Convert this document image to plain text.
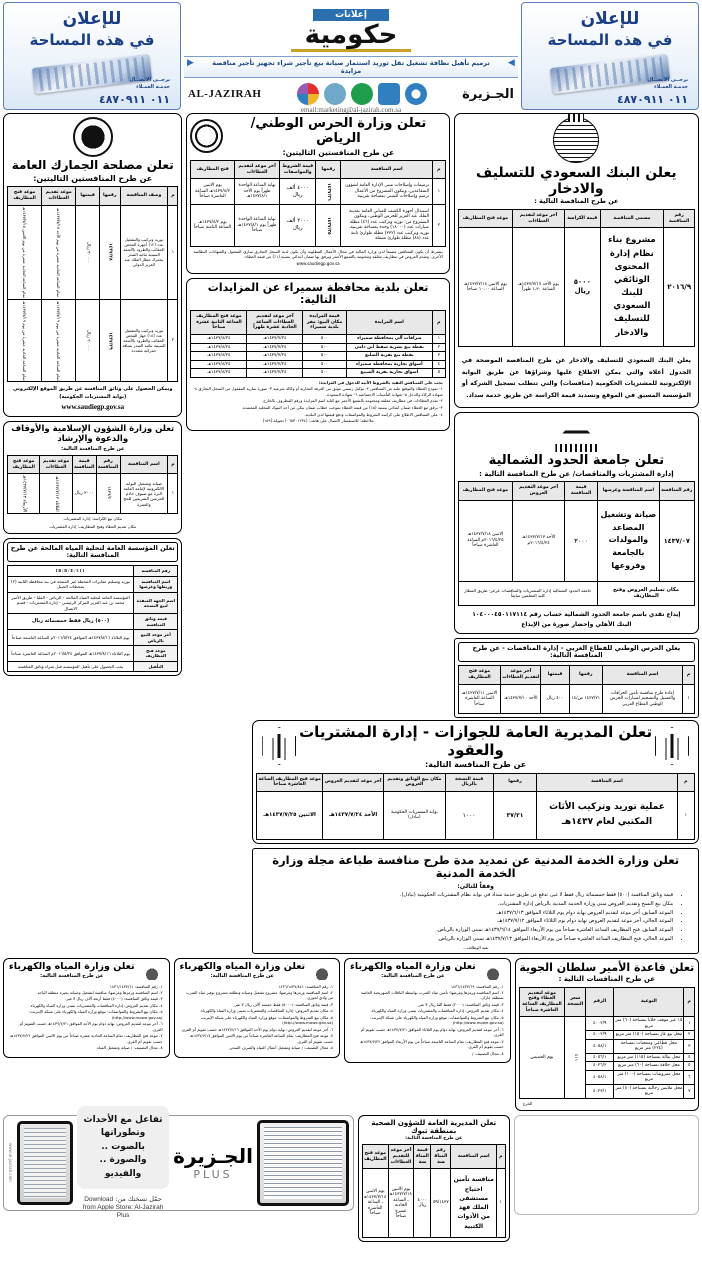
للإعلان
في هذه المساحة
يرجــى الاتصــال
خدمـة العمـلاء
٠١١ ٤٨٧٠٩١١
إعلانات
حكومية
◀ ترميم تأهيل نظافة تشغيل نقل توريد استثمار صيانة بيع تأجير شراء تجهيز تأجير مناقصة مزايدة ▶
الجـزيرة
AL-JAZIRAH
email:marketing@al-jazirah.com.sa
للإعلان
في هذه المساحة
يرجــى الاتصــال
خدمـة العمـلاء
٠١١ ٤٨٧٠٩١١
يعلن البنك السعودي للتسليف والادخار
عن طرح المناقصة التالية :
رقم المناقصة	مسمى المناقصة	قيمة الكراسة	آخر موعد لتقديم العطاءات	موعد فتح المظاريف
٢٠١٦/٩	مشروع بناء نظام إدارة المحتوى الوثائقي للبنك السعودي للتسليف والادخار	٥٠٠٠ ريال	يوم الأحد ١٤٣٧/٧/١٧هـ الساعة ١،٣٠ ظهراً	يوم الاثنين ١٤٣٧/٧/١٨هـ الساعة ١٠،٠٠ صباحاً
يعلن البنك السعودي للتسليف والادخار عن طرح المناقصة الموضحة في الجدول أعلاه والتي يمكن الاطلاع عليها وشراؤها عن طريق البوابة الإلكترونية للمشتريات الحكومية (منافسات) والتي تتطلب تسجيل الشركة أو المؤسسة المسبق في الموقع وتسديد قيمة الكراسة عن طريق خدمة سداد.
تعلن جامعة الحدود الشمالية
إدارة المشتريات والمناقصات/ عن طرح المنافسة التالية :
رقم المنافسة	اسم المنافسة وغرضها	قيمة المنافسة	آخر موعد التقديم العروض	موعد فتح المظاريف
١٤٣٧/٠٧	صيانة وتشغيل المصاعد والمولدات بالجامعة وفروعها	٣٠٠٠	الأحد ١٤٣٧/٧/١٧هـ ٢٠١٦/٤/٢٤م	الاثنين ١٤٣٧/٧/١٨هـ ٢٠١٦/٤/٢٥م الساعة العاشرة صباحاً
مكان تسليم العروض وفتح المظاريف		جامعة الحدود الشمالية إدارة المشتريات والمناقصات عرعر- طريق المطار كلية المعلمين سابقاً		
إيداع نقدي باسم جامعة الحدود الشمالية حساب رقم ١٠٤٠٠٠٤٥٠١١٧١١٤
البنك الأهلي وإحضار صورة من الإيداع
يعلن الحرس الوطني للقطاع الغربي - إدارة المناقصات - عن طرح المنافسة التالية:
م	اسم المنافسة	رقمها	قيمتها	آخر موعد لتقديم العطاءات	موعد فتح المظاريف
١	إعادة طرح منافسة تأمين الحرافات والغسيل والتشحيم لسيارات الحرس الوطني القطاع الغربي	١٤٣٧/٢١ ص/١٤	٤٠٠ ريال	الأحد ١٤٣٧/٧/١٠هـ	الاثنين ١٤٣٧/٧/١١هـ الساعة العاشرة صباحاً
تعلن وزارة الحرس الوطني/ الرياض
عن طرح المنافستين التاليتين:
م	اسم المنافسة	رقمها	قيمة الشروط والمواصفات	آخر موعد لتقديم العطاءات	فتح المظاريف
١	ترميمات وإصلاحات مبنى الإدارة العامة لشؤون المتقاعدين، ويتكون المشروع من الأعمال ترميم وإصلاحات للمبنى بمساحة تقريبية	١٤٣٧/٣٦	٤٠٠٠ ألف ريال	نهاية الساعة الواحدة ظهراً يوم الأحد ١٤٣٧/٨/١هـ	يوم الاثنين ١٤٣٧/٨/٢هـ الساعة العاشرة صباحاً
٢	استبدال أجهزة الكشف للمباني العامة بمدينة الملك عبد العزيز للحرس الوطني، ويتكون المشروع من: توريد وتركيب عدد (٤٦) مظلة سيارات عدد (١٨٠٠٠) وحدة بمساحة تقريبية، توريد وتركيب عدد (٢٣٢) مظلة طوارئ ثابتة عدد (٨٨) مظلة طوارئ متنقلة	١٤٣٧/٣٥	٢٠٠٠ ألف ريال	نهاية الساعة الواحدة ظهراً يوم ١٤٣٧/٨/١هـ صباحاً	يوم ١٤٣٧/٨/٢هـ الساعة الثامنة صباحاً

يشترط أن يكون المتنافس مصنفاً لدى وزارة المالية في مجال الأعمال المطلوبة وأن يكون لديه السجل التجاري ساري المفعول والشهادات النظامية الأخرى. وتقدم العروض في مظاريف مغلقة ومختومة بالشمع الأحمر ويرفق بها ضمان ابتدائي بنسبة (١٪) من قيمة العطاء.

www.saudiegp.gov.sa

تعلن بلدية محافظة سميراء عن المزايدات التالية:
م	اسم المزايدة	قيمة المزايدة مكان البيع: مقر بلدية سميراء	آخر موعد لتقديم العطاءات الساعة الحادية عشرة ظهراً	موعد فتح المظاريف الساعة الثانية عشرة صباحاً
١	صرافات آلي بمحافظة سميراء	٥٠٠	١٤٣٧/٧/٢٤هـ	١٤٣٧/٨/٢٤هـ
٢	نقطة بيع بشرية سقط ابن دامي	٥٠٠	١٤٣٧/٧/٢٤هـ	١٤٣٧/٨/٢٤هـ
٣	نقطة بيع بقرية الضليع	٥٠٠	١٤٣٧/٧/٢٤هـ	١٤٣٧/٨/٢٤هـ
٤	أسواق تجارية بمحافظة سميراء	٥٠٠	١٤٣٧/٧/٢٤هـ	١٤٣٧/٨/٢٤هـ
٥	أسواق تجارية بقرية الضبيع	٥٠٠	١٤٣٧/٧/٢٤هـ	١٤٣٧/٨/٢٤هـ

يجب على المتنافس التقيد بالشروط الآتية للدخول في المزايدة:

١- نموذج العطاء والتوقيع عليه من المتنافس ٢- توكيل رسمي موثق من الغرفة التجارية أو وكالة شرعية ٣- صورة سارية المفعول من السجل التجاري ٤- شهادة الزكاة والدخل ٥- شهادة التأمينات الاجتماعية ٦- شهادة السعودة.

٢- تقدم العطاءات في مظاريف مغلقة ومختومة بالشمع الأحمر مع كتابة اسم المزايدة ورقم المظروف بالخارج.

٣- يرفق مع العطاء ضمان ابتدائي بنسبة (٥٪) من قيمة العطاء بموجب خطاب ضمان بنكي من أحد البنوك المحلية المعتمدة.

٤- على المتنافس الاطلاع على كراسة الشروط والمواصفات ودفع قيمتها لدى البلدية.

ملاحظة: للاستفسار الاتصال على هاتف: (٠٦٥٣٠١٢٣٤) تحويلة (١٥٩)

تعلن مصلحة الجمارك العامة
عن طرح المنافستين التاليتين:
م	وصف المنافسة	رقمها	قيمتها	موعد تقديم العطاءات	موعد فتح المظاريف
١	توريد وتركيب والتشغيل عدد (١٢) أجهزة الفحص الحقائب والطرود بالأشعة السينية ثنائية الصدر بجمرك مطار الملك عبد العزيز الدولي	١٤٣٧/٢٨	٣٠٠٠٠ ريال	تمام الساعة الحادية عشرة من يوم الأحد ١٤٣٧/٧/١٧هـ	تمام الساعة الحادية عشرة من يوم الاثنين ١٤٣٧/٧/١٨هـ
٢	توريد وتركيب والتشغيل عدد (١٨) جهاز الفحص الحقائب والطرود بالأشعة السينية ثنائية الصدر بمنافذ جمركية متعددة	١٤٣٧/٢٩	٢٠٠٠٠ ريال	تمام الساعة الحادية عشرة من يوم ١٤٣٧/٧/١٩هـ	تمام الساعة الحادية عشرة من يوم ١٤٣٧/٧/١٩هـ
ويمكن الحصول على وثائق المنافسة عن طريق الموقع الإلكتروني (بوابة المشتريات الحكومية)
www.saudiegp.gov.sa
تعلن وزارة الشؤون الإسلامية والأوقاف والدعوة والإرشاد
عن طرح المنافسة التالية:
م	اسم المنافسة	رقم المنافسة	قيمة المنافسة	موعد تقديم العطاءات	موعد فتح المظاريف
١	صيانة وتشغيل البوابة الالكترونية لإمامة العامة البرة مع ضيوف خادم الحرمين الشريفين للحج والعمرة	١٤٣٧/٤٠	٣٠٠٠ ريال	الثلاثاء ١٤٣٧/٧/١٢هـ	الأربعاء ١٤٣٧/٧/١٣هـ
مكان بيع الكراسة: إدارة المشتريات
مكان تقديم العطاء وفتح المظاريف: إدارة المشتريات
تعلن المؤسسة العامة لتحلية المياه المالحة عن طرح المنافسة التالية:
رقم المنافسة	IB/R/E/311
اسم المنافسة وربطها وغرضها	توريد وتسليم معايرات المحطة غير المنتجة في بند محافظة الثانية (٢) بمحطات الجبيل
اسم الجهة المنفذة لبيع النسخة	المؤسسة العامة لتحلية المياه المالحة - الرياض - العليا - طريق الأمير محمد بن عبد العزيز المركز الرئيسي - إدارة المشتريات - قسم الاتصال
قيمة وثائق المنافسة	(٥٠٠) ريال فقط خمسمائة ريال
آخر موعد للبيع بالرياض	يوم الثلاثاء ١٤٣٧/٨/١٦هـ الموافق ٢٠١٦/٥/٢٤م الساعة التاسعة صباحاً
موعد فتح المظاريف	يوم الثلاثاء ١٤٣٧/٨/١٦هـ الموافق ٢٠١٦/٥/٢٤م الساعة العاشرة صباحاً
التأهيل	يجب الحصول على تأهيل المؤسسة قبل شراء وثائق المنافسة
تعلن المديرية العامة للجوازات - إدارة المشتريات والعقود
عن طرح المنافسة التالية:
م	اسم المنافسة	رقمها	قيمة النسخة بالريال	مكان بيع الوثائق وتقديم العروض	آخر موعد لتقديم العروض	موعد فتح المظاريف الساعة العاشرة صباحاً
١	عملية توريد وتركيب الأثاث المكتبي لعام ١٤٣٧هـ	٣٧/٢١	١٠٠٠	بوابة المشتريات الحكومية (تبادل)	الأحد ١٤٣٧/٧/٢٤هـ	الاثنين ١٤٣٧/٧/٢٥هـ
تعلن وزارة الخدمة المدنية عن تمديد مدة طرح منافسة طباعة مجلة وزارة الخدمة المدنية
وفقاً للتالي:
• قيمة وثائق المنافسة (٥٠٠) فقط خمسمائة ريال فقط لا غير، تدفع عن طريق خدمة سداد في بوابة نظام المشتريات الحكومية (تبادل).
• مكان بيع النسخ وتقديم العروض مبنى وزارة الخدمة المدنية بالرياض إدارة المشتريات.
• الموعد السابق، آخر موعد لتقديم العروض نهاية دوام يوم الثلاثاء الموافق ١٤٣٧/٦/١٣هـ.
• الموعد الحالي، آخر موعد لتقديم العروض نهاية دوام يوم الثلاثاء الموافق ١٤٣٧/٧/١٢هـ.
• الموعد السابق، فتح المظاريف الساعة العاشرة صباحاً من يوم الأربعاء الموافق ١٤٣٧/٦/١٤هـ بمبنى الوزارة بالرياض.
• الموعد الحالي، فتح المظاريف الساعة العاشرة صباحاً من يوم الأربعاء الموافق ١٤٣٧/٧/١٣هـ بمبنى الوزارة بالرياض.
بقية الوظائف...
تعلن قاعدة الأمير سلطان الجوية
عن طرح المنافسات التالية :
م	النوعية	الرقم	سعر النسخة	موعد لتقديم العطاء وفتح المظاريف الساعة العاشرة صباحاً
١	١٥ عبر موقف خلايا بمساحة (٦٠) متر مربع	٤٠٠٢/٩	٤١١	يوم الخميس
٢	محل بيع غاز بمساحة (١٥٠) متر مربع	٤٠٠٢/٩		
٣	محل قطاعي ومعجنات بمساحة (٢٢٤) متر مربع	٤٠٥٨/١		
٤	محل بقالة بمساحة (١١٥) متر مربع	٤٠٥٦/١		
٥	محل حلاقة بمساحة (٦٠) متر مربع	٤٠٢٦/٢		
٦	محل مفروشات بمساحة (١٠٠) متر مربع	٤٠٥٨/١		
٧	محل ملابس رجالية بمساحة (٨٠) متر مربع	٤٠٢٣/١		
الخرج
تعلن وزارة المياه والكهرباء
عن طرح المنافسة التالية:

١- رقم المنافسة: ١٤٣٦/١٤٣٧/٦٩

٢- اسم المنافسة ورمزها وغرضها: تأمين مياه الشرب بواسطة الناقلات الصهريجية الخاصة بمنطقة جازان.

٣- قيمة وثائق المنافسة: (٢٠٠٠) فقط ألفا ريال لا غير.

٤- مكان تقديم العروض: إدارة المناقصات والمشتريات بمبنى وزارة المياه والكهرباء.

٥- مكان بيع الشروط والمواصفات: موقع وزارة المياه والكهرباء على شبكة الإنترنت: (http://www.mowe.gov.sa)

٦- آخر موعد لتقديم العروض: نهاية دوام يوم الثلاثاء الموافق ١٤٣٧/٧/٢١هـ حسب تقويم أم القرى.

٧- موعد فتح المظاريف: تمام الساعة التاسعة صباحاً من يوم الأربعاء الموافق ١٤٣٧/٧/٢٢هـ حسب تقويم أم القرى.

٨- مجال التصنيف: /

تعلن وزارة المياه والكهرباء
عن طرح المنافسة التالية:

١- رقم المنافسة: ١٤٣٦/١٤٣٧/٨٤١

٢- اسم المنافسة ورمزها وغرضها: مشروع تشغيل وصيانة وتطلعة مشروع توفير مياه الشرب من وادي لحورى.

٣- قيمة وثائق المنافسة: (٥٠٠٠) فقط خمسة آلاف ريال لا غير.

٤- مكان تقديم العروض: إدارة المناقصات والمشتريات بمبنى وزارة المياه والكهرباء.

٥- مكان بيع الشروط والمواصفات: موقع وزارة المياه والكهرباء على شبكة الإنترنت (http://www.mowe.gov.sa)

٦- آخر موعد لتقديم العروض: نهاية دوام يوم الأحد الموافق ١٤٣٧/٧/١٦هـ حسب تقويم أم القرى.

٧- موعد فتح المظاريف: تمام الساعة العاشرة صباحاً من يوم الاثنين الموافق ١٤٣٧/٧/١٧هـ حسب تقويم أم القرى.

٨- مجال التصنيف: / صيانة وتشغيل أعمال المياه والصرف الصحي

تعلن وزارة المياه والكهرباء
عن طرح المنافسة التالية:

١- رقم المنافسة: ١٤٣٦/١٤٣٧/٦١

٢- اسم المنافسة ورمزها وغرضها: منافسة لتشغيل وصيانة بحيرة منطقة الباحة.

٣- قيمة وثائق المنافسة: (٤٠٠٠) فقط أربعة آلاف ريال لا غير.

٤- مكان تقديم العروض: إدارة المناقصات والمشتريات بمبنى وزارة المياه والكهرباء.

٥- مكان بيع الشروط والمواصفات: موقع وزارة المياه والكهرباء على شبكة الإنترنت: (http://www.mowe.gov.sa)

٦- آخر موعد لتقديم العروض: نهاية دوام يوم الأحد الموافق ١٤٣٧/٧/٢١هـ حسب التقويم أم القرى.

٧- موعد فتح المظاريف: تمام الساعة الحادية عشرة صباحاً من يوم الاثنين الموافق ١٤٣٧/٧/٢٢هـ حسب تقويم أم القرى.

٨- مجال التصنيف: / صيانة وتشغيل المياه

تعلن المديرية العامة للشؤون الصحية بمنطقة تبوك
عن طرح المنافسة التالية:
م	اسم المنافسة	رقم المنافسة	قيمة المنافسة	آخر موعد للتقديم العطاءات	موعد فتح المظاريف
١	منافسة تأمين احتياج مستشفى الملك فهد من الأدوات الكتبية	٥٩/١٤٣٧	٤٠٠٠ ريال	يوم الاثنين ١٤٣٧/٧/١٨هـ الساعة الحادية عشرة صباحاً	يوم الاثنين ١٤٣٧/٧/١٨هـ الساعة العاشرة صباحاً
الجـزيرة
PLUS
تفاعل مع الأحداث وتطوراتها
بالصوت .. والصورة .. والفيديو
حمّل نسختك من: Download from Apple Store: Al-Jazirah Plus
www.al-jazirah.com
